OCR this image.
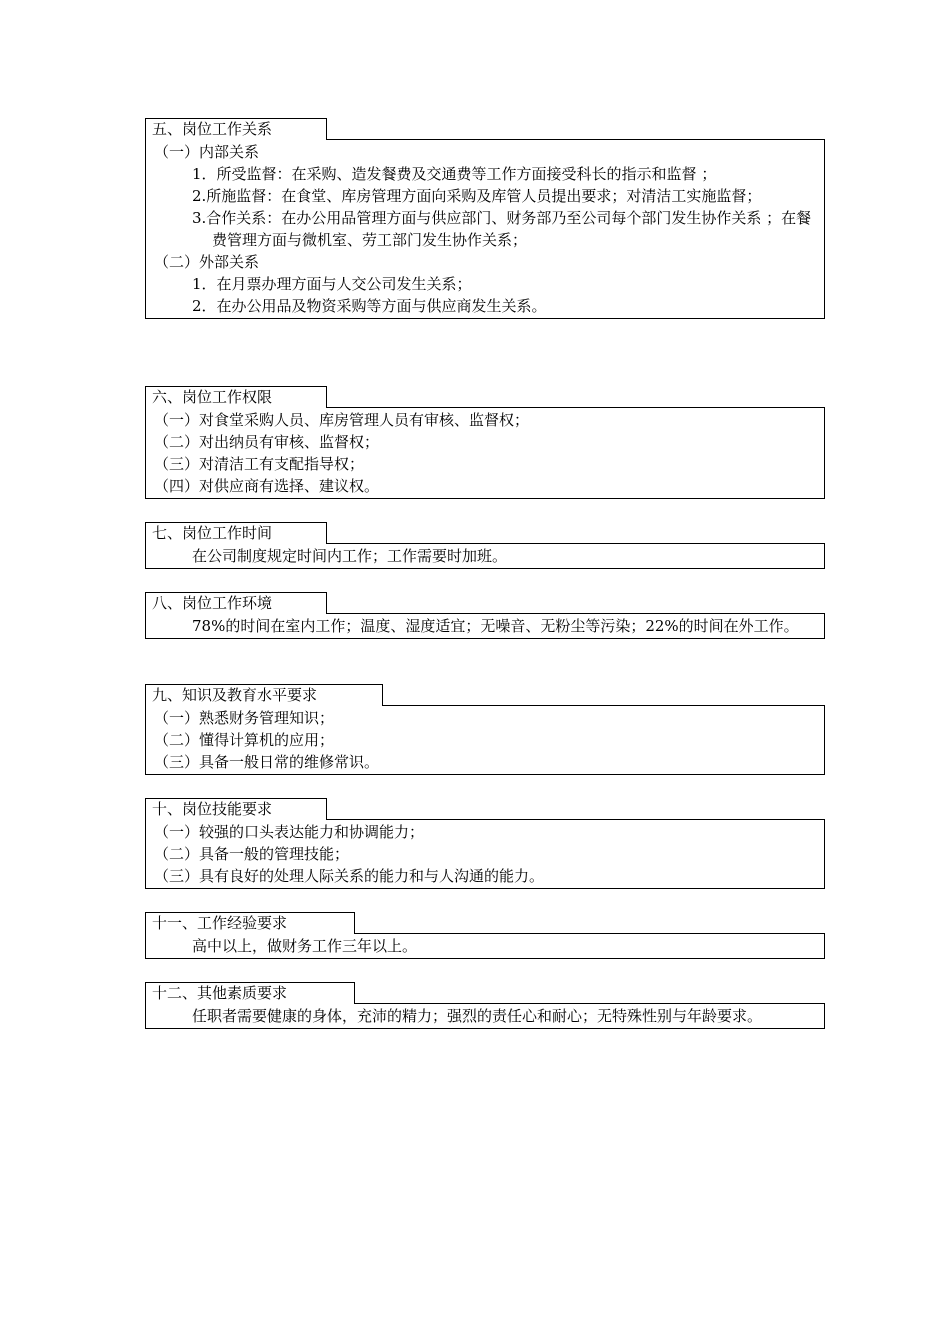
五、岗位工作关系
（一）内部关系
1．所受监督：在采购、造发餐费及交通费等工作方面接受科长的指示和监督 ；
2.所施监督：在食堂、库房管理方面向采购及库管人员提出要求；对清洁工实施监督；
3.合作关系：在办公用品管理方面与供应部门、财务部乃至公司每个部门发生协作关系 ；在餐费管理方面与微机室、劳工部门发生协作关系；
（二）外部关系
1．在月票办理方面与人交公司发生关系；
2．在办公用品及物资采购等方面与供应商发生关系。
六、岗位工作权限
（一）对食堂采购人员、库房管理人员有审核、监督权；
（二）对出纳员有审核、监督权；
（三）对清洁工有支配指导权；
（四）对供应商有选择、建议权。
七、岗位工作时间
在公司制度规定时间内工作；工作需要时加班。
八、岗位工作环境
78%的时间在室内工作；温度、湿度适宜；无噪音、无粉尘等污染；22%的时间在外工作。
九、知识及教育水平要求
（一）熟悉财务管理知识；
（二）懂得计算机的应用；
（三）具备一般日常的维修常识。
十、岗位技能要求
（一）较强的口头表达能力和协调能力；
（二）具备一般的管理技能；
（三）具有良好的处理人际关系的能力和与人沟通的能力。
十一、工作经验要求
高中以上，做财务工作三年以上。
十二、其他素质要求
任职者需要健康的身体，充沛的精力；强烈的责任心和耐心；无特殊性别与年龄要求。
